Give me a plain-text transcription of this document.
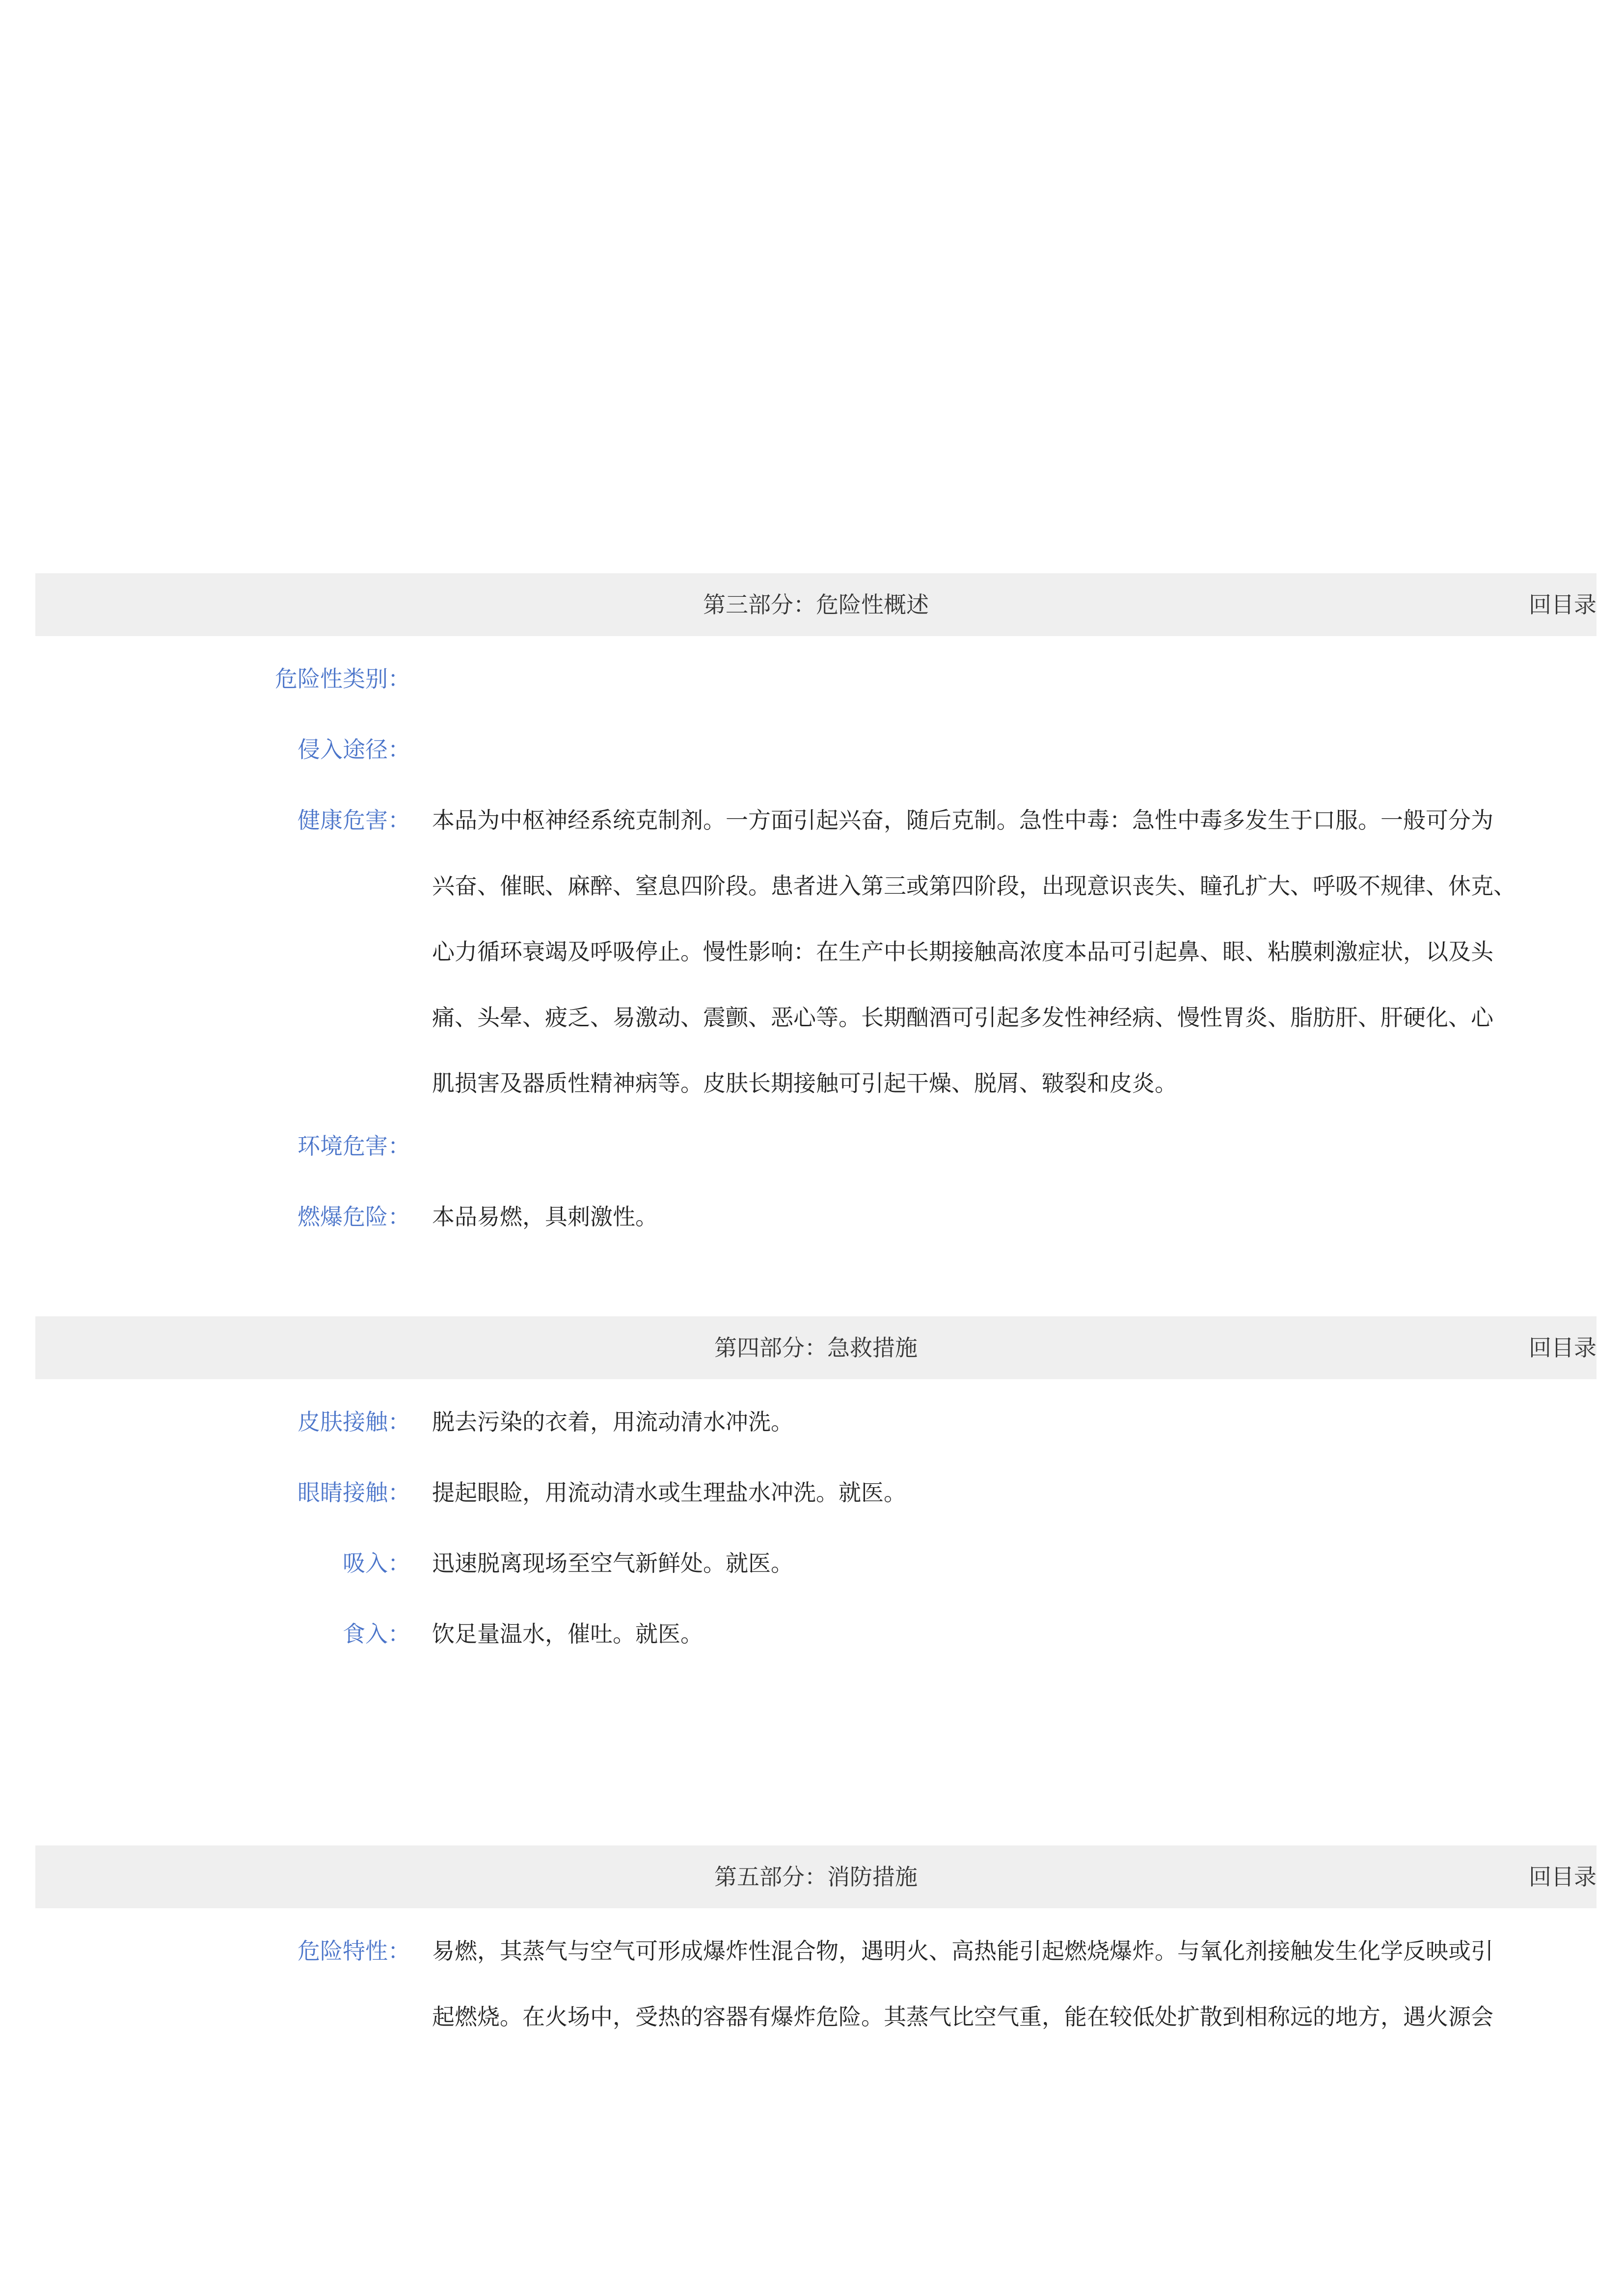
第三部分：危险性概述	回目录
危险性类别：
侵入途径：
健康危害： 本品为中枢神经系统克制剂。一方面引起兴奋，随后克制。急性中毒：急性中毒多发生于口服。一般可分为
兴奋、催眠、麻醉、窒息四阶段。患者进入第三或第四阶段，出现意识丧失、瞳孔扩大、呼吸不规律、休克、
心力循环衰竭及呼吸停止。慢性影响：在生产中长期接触高浓度本品可引起鼻、眼、粘膜刺激症状，以及头
痛、头晕、疲乏、易激动、震颤、恶心等。长期酗酒可引起多发性神经病、慢性胃炎、脂肪肝、肝硬化、心
肌损害及器质性精神病等。皮肤长期接触可引起干燥、脱屑、皲裂和皮炎。
环境危害：
燃爆危险： 本品易燃，具刺激性。
第四部分：急救措施	回目录
皮肤接触： 脱去污染的衣着，用流动清水冲洗。
眼睛接触： 提起眼睑，用流动清水或生理盐水冲洗。就医。
吸入： 迅速脱离现场至空气新鲜处。就医。
食入： 饮足量温水，催吐。就医。
第五部分：消防措施	回目录
危险特性： 易燃，其蒸气与空气可形成爆炸性混合物，遇明火、高热能引起燃烧爆炸。与氧化剂接触发生化学反映或引
起燃烧。在火场中，受热的容器有爆炸危险。其蒸气比空气重，能在较低处扩散到相称远的地方，遇火源会
